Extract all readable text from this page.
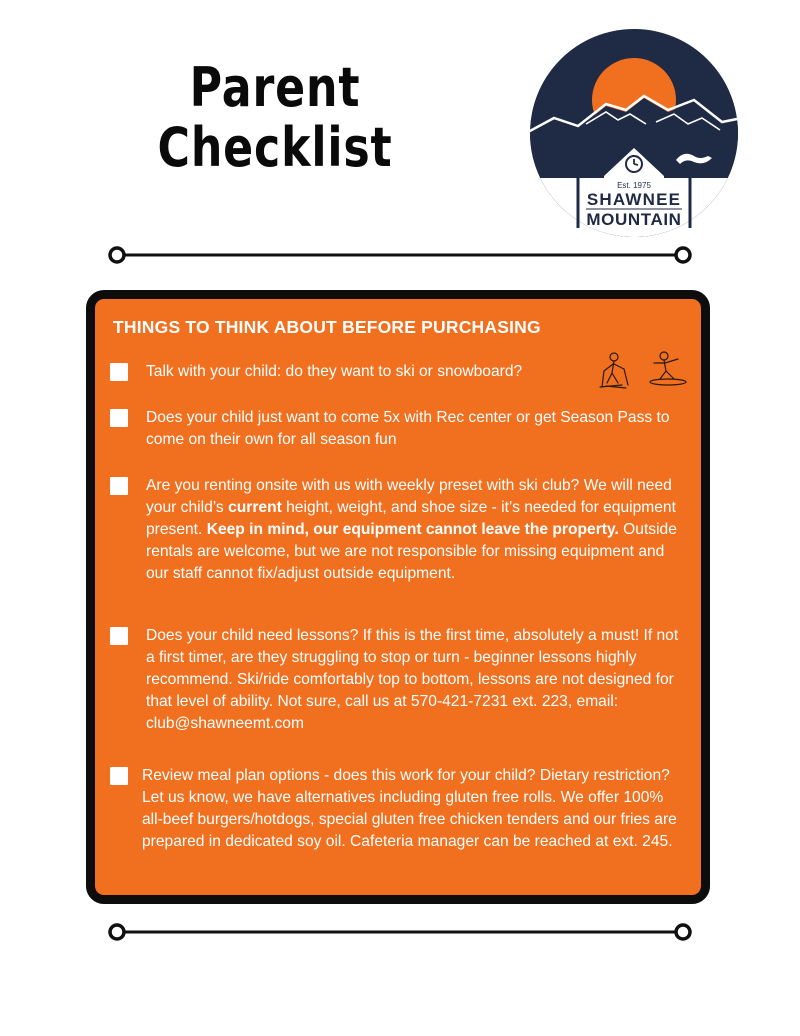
Parent
Checklist
Est. 1975
SHAWNEE
MOUNTAIN
THINGS TO THINK ABOUT BEFORE PURCHASING
Talk with your child: do they want to ski or snowboard?
Does your child just want to come 5x with Rec center or get Season Pass to come on their own for all season fun
Are you renting onsite with us with weekly preset with ski club? We will need your child’s current height, weight, and shoe size - it’s needed for equipment present. Keep in mind, our equipment cannot leave the property. Outside rentals are welcome, but we are not responsible for missing equipment and our staff cannot fix/adjust outside equipment.
Does your child need lessons? If this is the first time, absolutely a must! If not a first timer, are they struggling to stop or turn - beginner lessons highly recommend. Ski/ride comfortably top to bottom, lessons are not designed for that level of ability. Not sure, call us at 570-421-7231 ext. 223, email: club@shawneemt.com
Review meal plan options - does this work for your child? Dietary restriction? Let us know, we have alternatives including gluten free rolls. We offer 100% all-beef burgers/hotdogs, special gluten free chicken tenders and our fries are prepared in dedicated soy oil. Cafeteria manager can be reached at ext. 245.
